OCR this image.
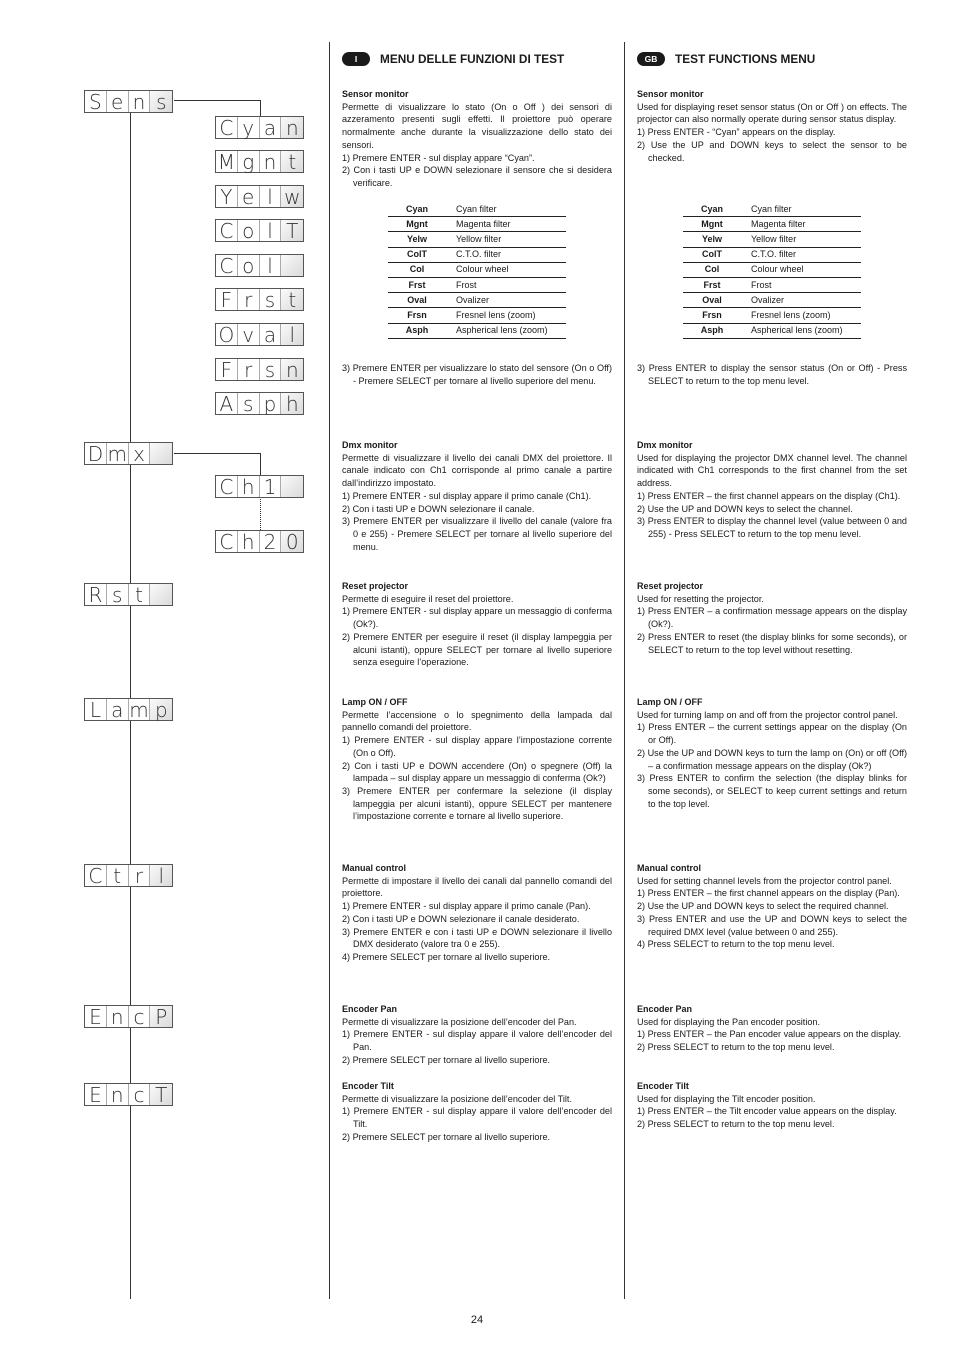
S e n s
C y a n
M g n t
Y e l w
C o l T
C o l
F r s t
O v a l
F r s n
A s p h
D m x
C h 1
C h 2 0
R s t
L a m p
C t r l
E n c P
E n c T
I	MENU DELLE FUNZIONI DI TEST
Sensor monitor

Permette di visualizzare lo stato (On o Off ) dei sensori di azzeramento presenti sugli effetti. Il proiettore può operare normalmente anche durante la visualizzazione dello stato dei sensori.

1) Premere ENTER - sul display appare “Cyan”.
2) Con i tasti UP e DOWN selezionare il sensore che si desidera verificare.
Cyan	Cyan filter
Mgnt	Magenta filter
Yelw	Yellow filter
ColT	C.T.O. filter
Col	Colour wheel
Frst	Frost
Oval	Ovalizer
Frsn	Fresnel lens (zoom)
Asph	Aspherical lens (zoom)
3) Premere ENTER per visualizzare lo stato del sensore (On o Off) - Premere SELECT per tornare al livello superiore del menu.
Dmx monitor

Permette di visualizzare il livello dei canali DMX del proiettore. Il canale indicato con Ch1 corrisponde al primo canale a partire dall’indirizzo impostato.

1) Premere ENTER - sul display appare il primo canale (Ch1).
2) Con i tasti UP e DOWN selezionare il canale.
3) Premere ENTER per visualizzare il livello del canale (valore fra 0 e 255) - Premere SELECT per tornare al livello superiore del menu.
Reset projector

Permette di eseguire il reset del proiettore.

1) Premere ENTER - sul display appare un messaggio di conferma (Ok?).
2) Premere ENTER per eseguire il reset (il display lampeggia per alcuni istanti), oppure SELECT per tornare al livello superiore senza eseguire l’operazione.
Lamp ON / OFF

Permette l’accensione o lo spegnimento della lampada dal pannello comandi del proiettore.

1) Premere ENTER - sul display appare l’impostazione corrente (On o Off).
2) Con i tasti UP e DOWN accendere (On) o spegnere (Off) la lampada – sul display appare un messaggio di conferma (Ok?)
3) Premere ENTER per confermare la selezione (il display lampeggia per alcuni istanti), oppure SELECT per mantenere l’impostazione corrente e tornare al livello superiore.
Manual control

Permette di impostare il livello dei canali dal pannello comandi del proiettore.

1) Premere ENTER - sul display appare il primo canale (Pan).
2) Con i tasti UP e DOWN selezionare il canale desiderato.
3) Premere ENTER e con i tasti UP e DOWN selezionare il livello DMX desiderato (valore tra 0 e 255).
4) Premere SELECT per tornare al livello superiore.
Encoder Pan

Permette di visualizzare la posizione dell’encoder del Pan.

1) Premere ENTER - sul display appare il valore dell’encoder del Pan.
2) Premere SELECT per tornare al livello superiore.
Encoder Tilt

Permette di visualizzare la posizione dell’encoder del Tilt.

1) Premere ENTER - sul display appare il valore dell’encoder del Tilt.
2) Premere SELECT per tornare al livello superiore.
GB	TEST FUNCTIONS MENU
Sensor monitor

Used for displaying reset sensor status (On or Off ) on effects. The projector can also normally operate during sensor status display.

1) Press ENTER - “Cyan” appears on the display.
2) Use the UP and DOWN keys to select the sensor to be checked.
Cyan	Cyan filter
Mgnt	Magenta filter
Yelw	Yellow filter
ColT	C.T.O. filter
Col	Colour wheel
Frst	Frost
Oval	Ovalizer
Frsn	Fresnel lens (zoom)
Asph	Aspherical lens (zoom)
3) Press ENTER to display the sensor status (On or Off) - Press SELECT to return to the top menu level.
Dmx monitor

Used for displaying the projector DMX channel level. The channel indicated with Ch1 corresponds to the first channel from the set address.

1) Press ENTER – the first channel appears on the display (Ch1).
2) Use the UP and DOWN keys to select the channel.
3) Press ENTER to display the channel level (value between 0 and 255) - Press SELECT to return to the top menu level.
Reset projector

Used for resetting the projector.

1) Press ENTER – a confirmation message appears on the display (Ok?).
2) Press ENTER to reset (the display blinks for some seconds), or SELECT to return to the top level without resetting.
Lamp ON / OFF

Used for turning lamp on and off from the projector control panel.

1) Press ENTER – the current settings appear on the display (On or Off).
2) Use the UP and DOWN keys to turn the lamp on (On) or off (Off) – a confirmation message appears on the display (Ok?)
3) Press ENTER to confirm the selection (the display blinks for some seconds), or SELECT to keep current settings and return to the top level.
Manual control

Used for setting channel levels from the projector control panel.

1) Press ENTER – the first channel appears on the display (Pan).
2) Use the UP and DOWN keys to select the required channel.
3) Press ENTER and use the UP and DOWN keys to select the required DMX level (value between 0 and 255).
4) Press SELECT to return to the top menu level.
Encoder Pan

Used for displaying the Pan encoder position.

1) Press ENTER – the Pan encoder value appears on the display.
2) Press SELECT to return to the top menu level.
Encoder Tilt

Used for displaying the Tilt encoder position.

1) Press ENTER – the Tilt encoder value appears on the display.
2) Press SELECT to return to the top menu level.
24
